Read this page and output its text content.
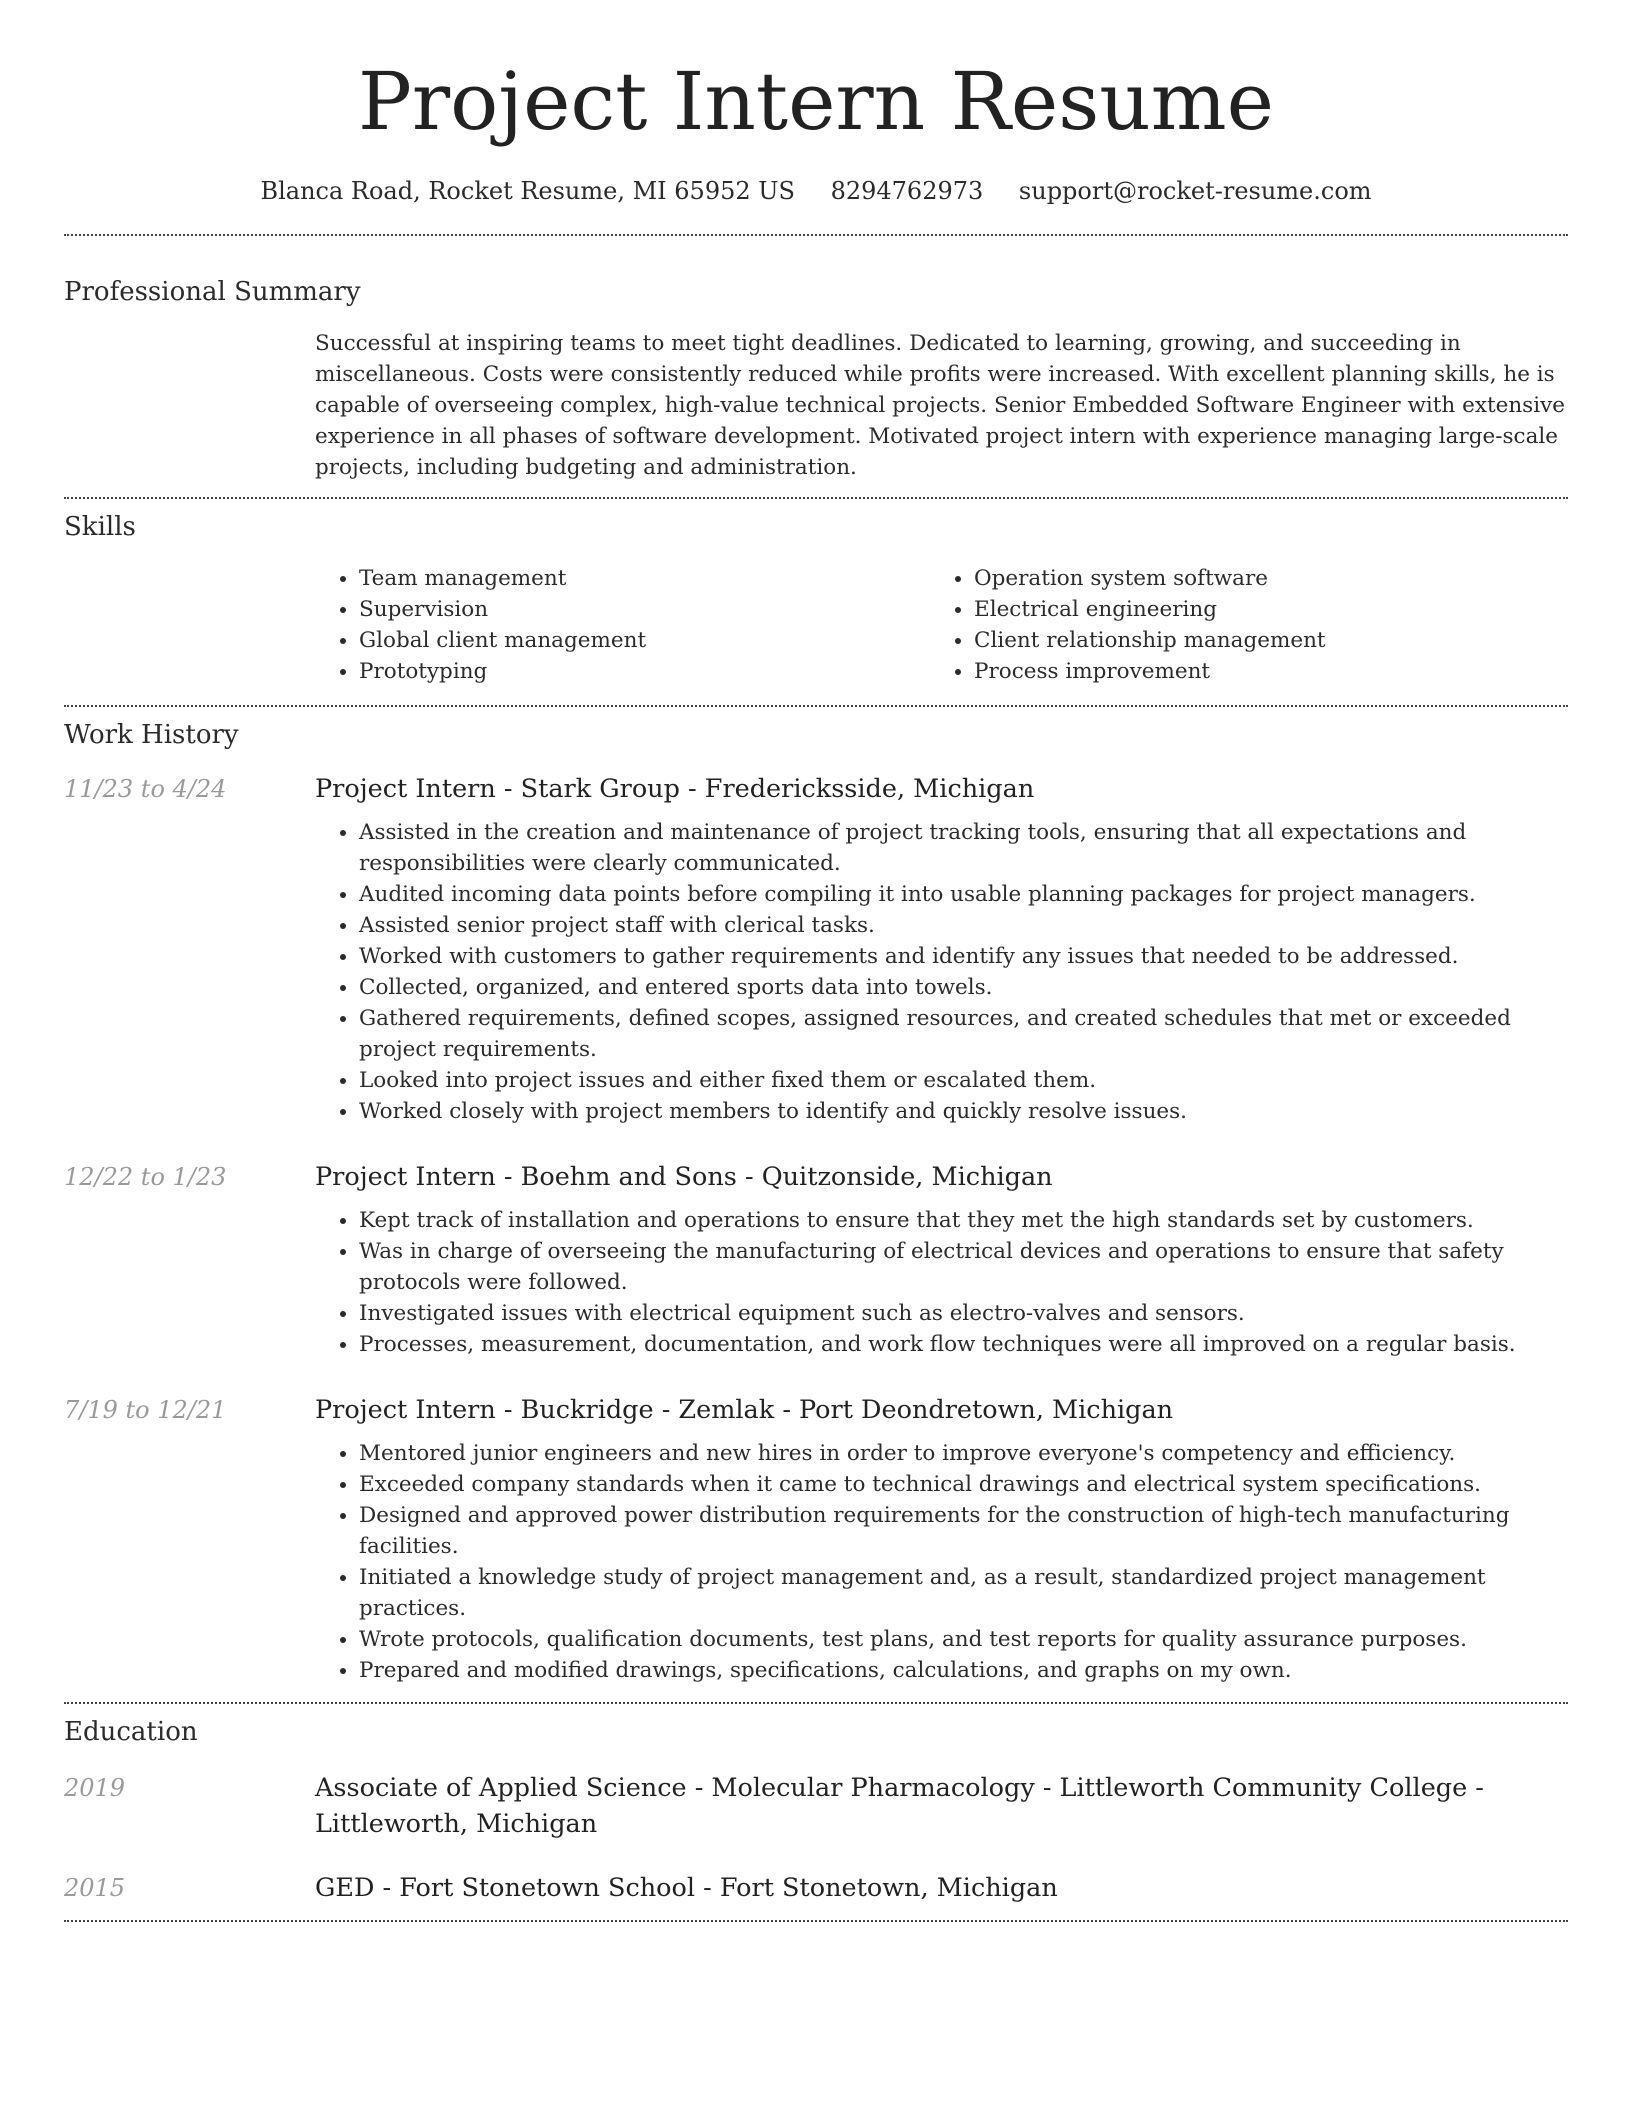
Project Intern Resume
Blanca Road, Rocket Resume, MI 65952 US 8294762973 support@rocket-resume.com
Professional Summary

Successful at inspiring teams to meet tight deadlines. Dedicated to learning, growing, and succeeding in miscellaneous. Costs were consistently reduced while profits were increased. With excellent planning skills, he is capable of overseeing complex, high-value technical projects. Senior Embedded Software Engineer with extensive experience in all phases of software development. Motivated project intern with experience managing large-scale projects, including budgeting and administration.

Skills
• Team management
• Supervision
• Global client management
• Prototyping
• Operation system software
• Electrical engineering
• Client relationship management
• Process improvement
Work History
11/23 to 4/24	Project Intern - Stark Group - Fredericksside, Michigan
• Assisted in the creation and maintenance of project tracking tools, ensuring that all expectations and responsibilities were clearly communicated.
• Audited incoming data points before compiling it into usable planning packages for project managers.
• Assisted senior project staff with clerical tasks.
• Worked with customers to gather requirements and identify any issues that needed to be addressed.
• Collected, organized, and entered sports data into towels.
• Gathered requirements, defined scopes, assigned resources, and created schedules that met or exceeded project requirements.
• Looked into project issues and either fixed them or escalated them.
• Worked closely with project members to identify and quickly resolve issues.
12/22 to 1/23	Project Intern - Boehm and Sons - Quitzonside, Michigan
• Kept track of installation and operations to ensure that they met the high standards set by customers.
• Was in charge of overseeing the manufacturing of electrical devices and operations to ensure that safety protocols were followed.
• Investigated issues with electrical equipment such as electro-valves and sensors.
• Processes, measurement, documentation, and work flow techniques were all improved on a regular basis.
7/19 to 12/21	Project Intern - Buckridge - Zemlak - Port Deondretown, Michigan
• Mentored junior engineers and new hires in order to improve everyone's competency and efficiency.
• Exceeded company standards when it came to technical drawings and electrical system specifications.
• Designed and approved power distribution requirements for the construction of high-tech manufacturing facilities.
• Initiated a knowledge study of project management and, as a result, standardized project management practices.
• Wrote protocols, qualification documents, test plans, and test reports for quality assurance purposes.
• Prepared and modified drawings, specifications, calculations, and graphs on my own.
Education
2019	Associate of Applied Science - Molecular Pharmacology - Littleworth Community College - Littleworth, Michigan
2015	GED - Fort Stonetown School - Fort Stonetown, Michigan
